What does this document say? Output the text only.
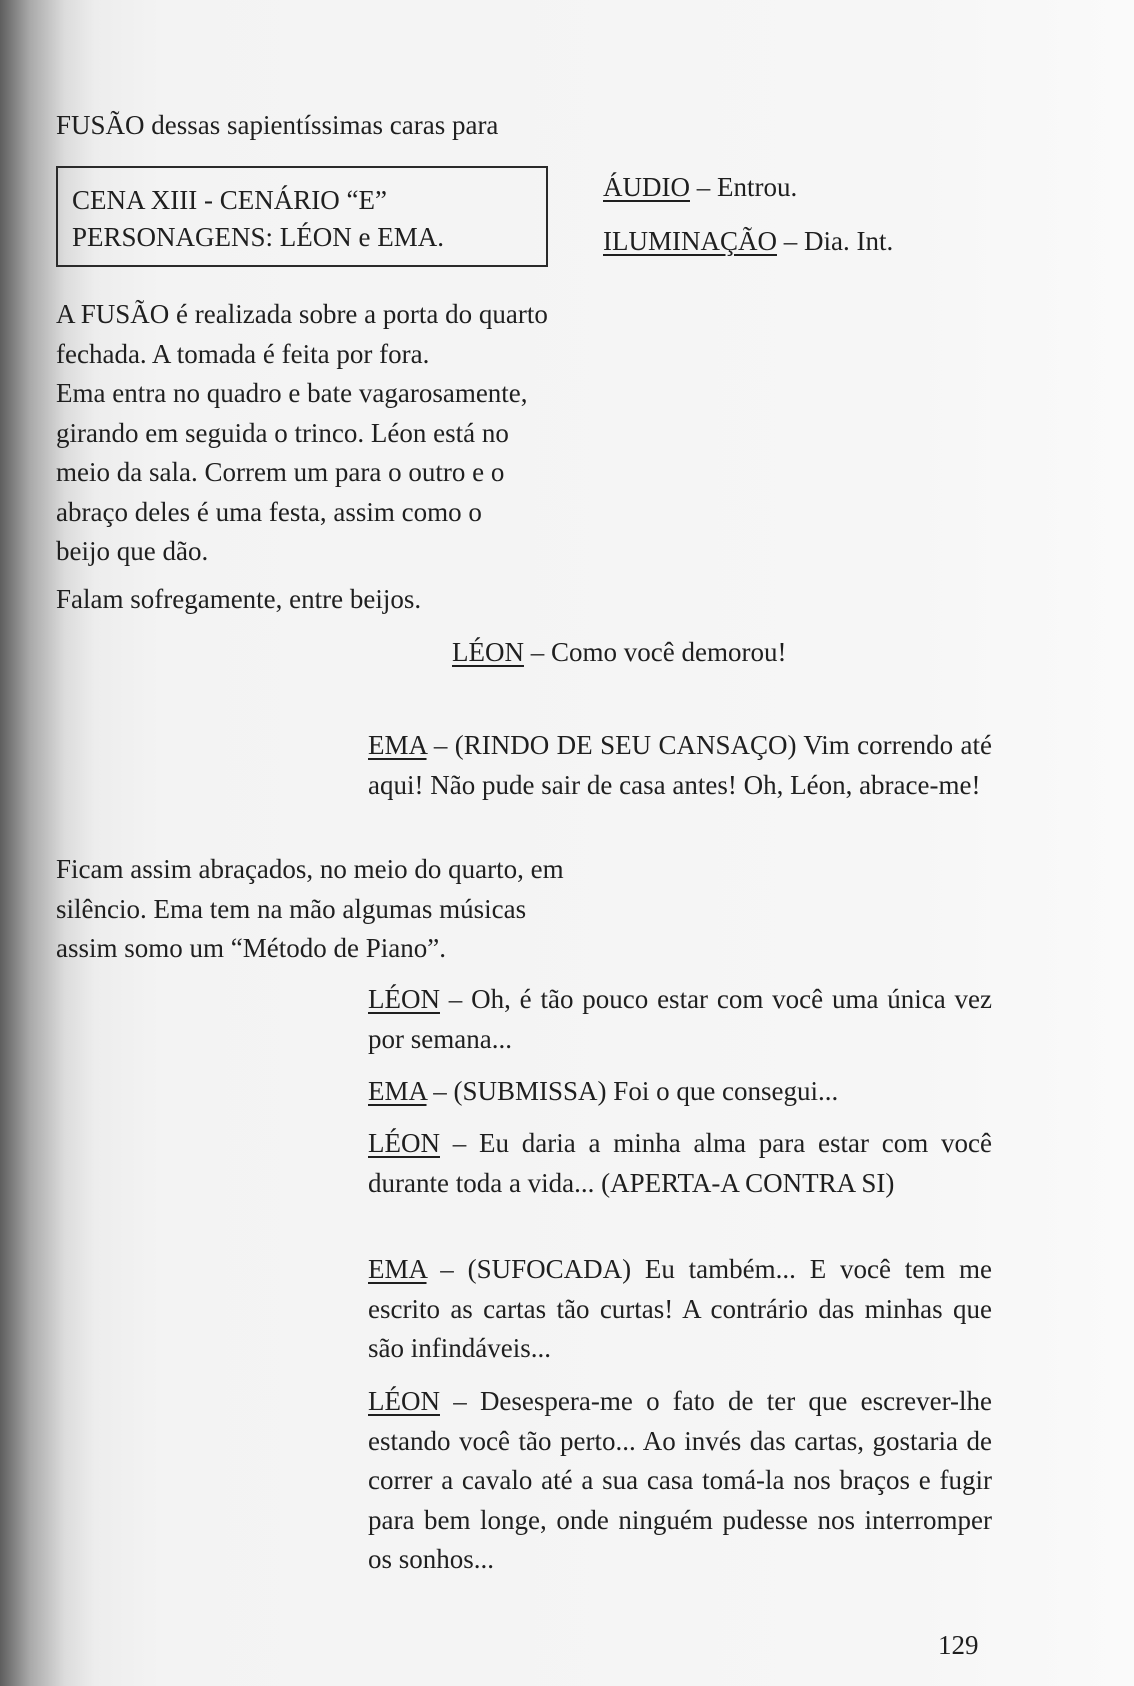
FUSÃO dessas sapientíssimas caras para
CENA XIII - CENÁRIO “E”
PERSONAGENS: LÉON e EMA.
ÁUDIO – Entrou.
ILUMINAÇÃO – Dia. Int.

A FUSÃO é realizada sobre a porta do quarto

fechada. A tomada é feita por fora.

Ema entra no quadro e bate vagarosamente,

girando em seguida o trinco. Léon está no

meio da sala. Correm um para o outro e o

abraço deles é uma festa, assim como o

beijo que dão.

Falam sofregamente, entre beijos.
LÉON – Como você demorou!

EMA – (RINDO DE SEU CANSAÇO) Vim correndo até aqui! Não pude sair de casa antes! Oh, Léon, abrace-me!

Ficam assim abraçados, no meio do quarto, em

silêncio. Ema tem na mão algumas músicas

assim somo um “Método de Piano”.

LÉON – Oh, é tão pouco estar com você uma única vez por semana...

EMA – (SUBMISSA) Foi o que consegui...

LÉON – Eu daria a minha alma para estar com você durante toda a vida... (APERTA-A CONTRA SI)

EMA – (SUFOCADA) Eu também... E você tem me escrito as cartas tão curtas! A contrário das minhas que são infindáveis...

LÉON – Desespera-me o fato de ter que escrever-lhe estando você tão perto... Ao invés das cartas, gostaria de correr a cavalo até a sua casa tomá-la nos braços e fugir para bem longe, onde ninguém pudesse nos interromper os sonhos...

129
